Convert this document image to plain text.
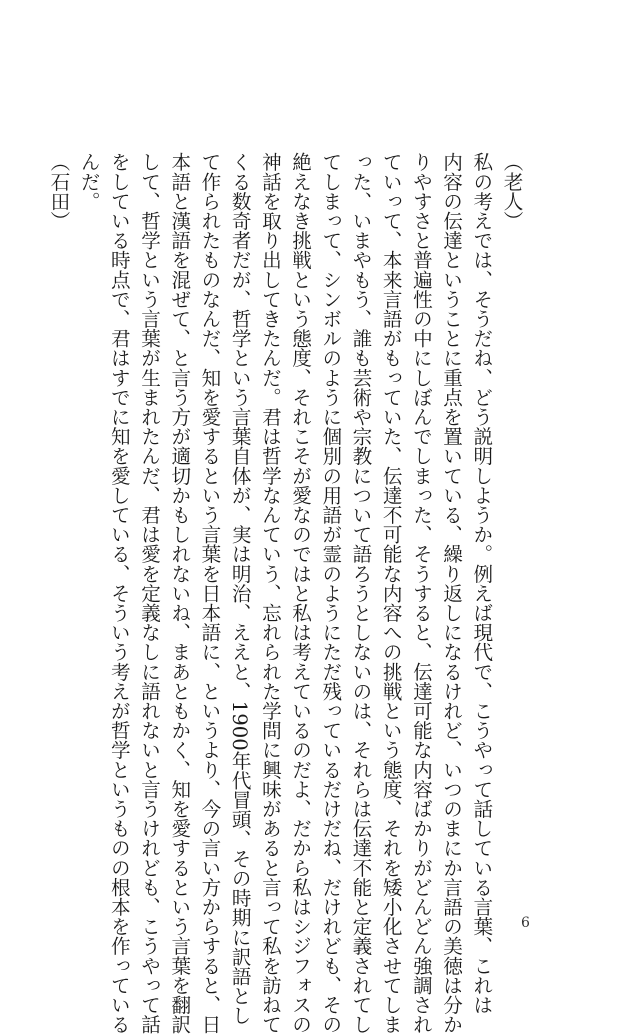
（老人）
私の考えでは、そうだね、どう説明しようか。例えば現代で、こうやって話している言葉、これは
内容の伝達ということに重点を置いている、繰り返しになるけれど、いつのまにか言語の美徳は分か
りやすさと普遍性の中にしぼんでしまった、そうすると、伝達可能な内容ばかりがどんどん強調され
ていって、本来言語がもっていた、伝達不可能な内容への挑戦という態度、それを矮小化させてしま
った、いまやもう、誰も芸術や宗教について語ろうとしないのは、それらは伝達不能と定義されてし
てしまって、シンボルのように個別の用語が霊のようにただ残っているだけだね、だけれども、その
絶えなき挑戦という態度、それこそが愛なのではと私は考えているのだよ、だから私はシジフォスの
神話を取り出してきたんだ。君は哲学なんていう、忘れられた学問に興味があると言って私を訪ねて
くる数奇者だが、哲学という言葉自体が、実は明治、ええと、1900年代冒頭、その時期に訳語とし
て作られたものなんだ、知を愛するという言葉を日本語に、というより、今の言い方からすると、日
本語と漢語を混ぜて、と言う方が適切かもしれないね、まあともかく、知を愛するという言葉を翻訳
して、哲学という言葉が生まれたんだ、君は愛を定義なしに語れないと言うけれども、こうやって話
をしている時点で、君はすでに知を愛している、そういう考えが哲学というものの根本を作っている
んだ。
（石田）
6
